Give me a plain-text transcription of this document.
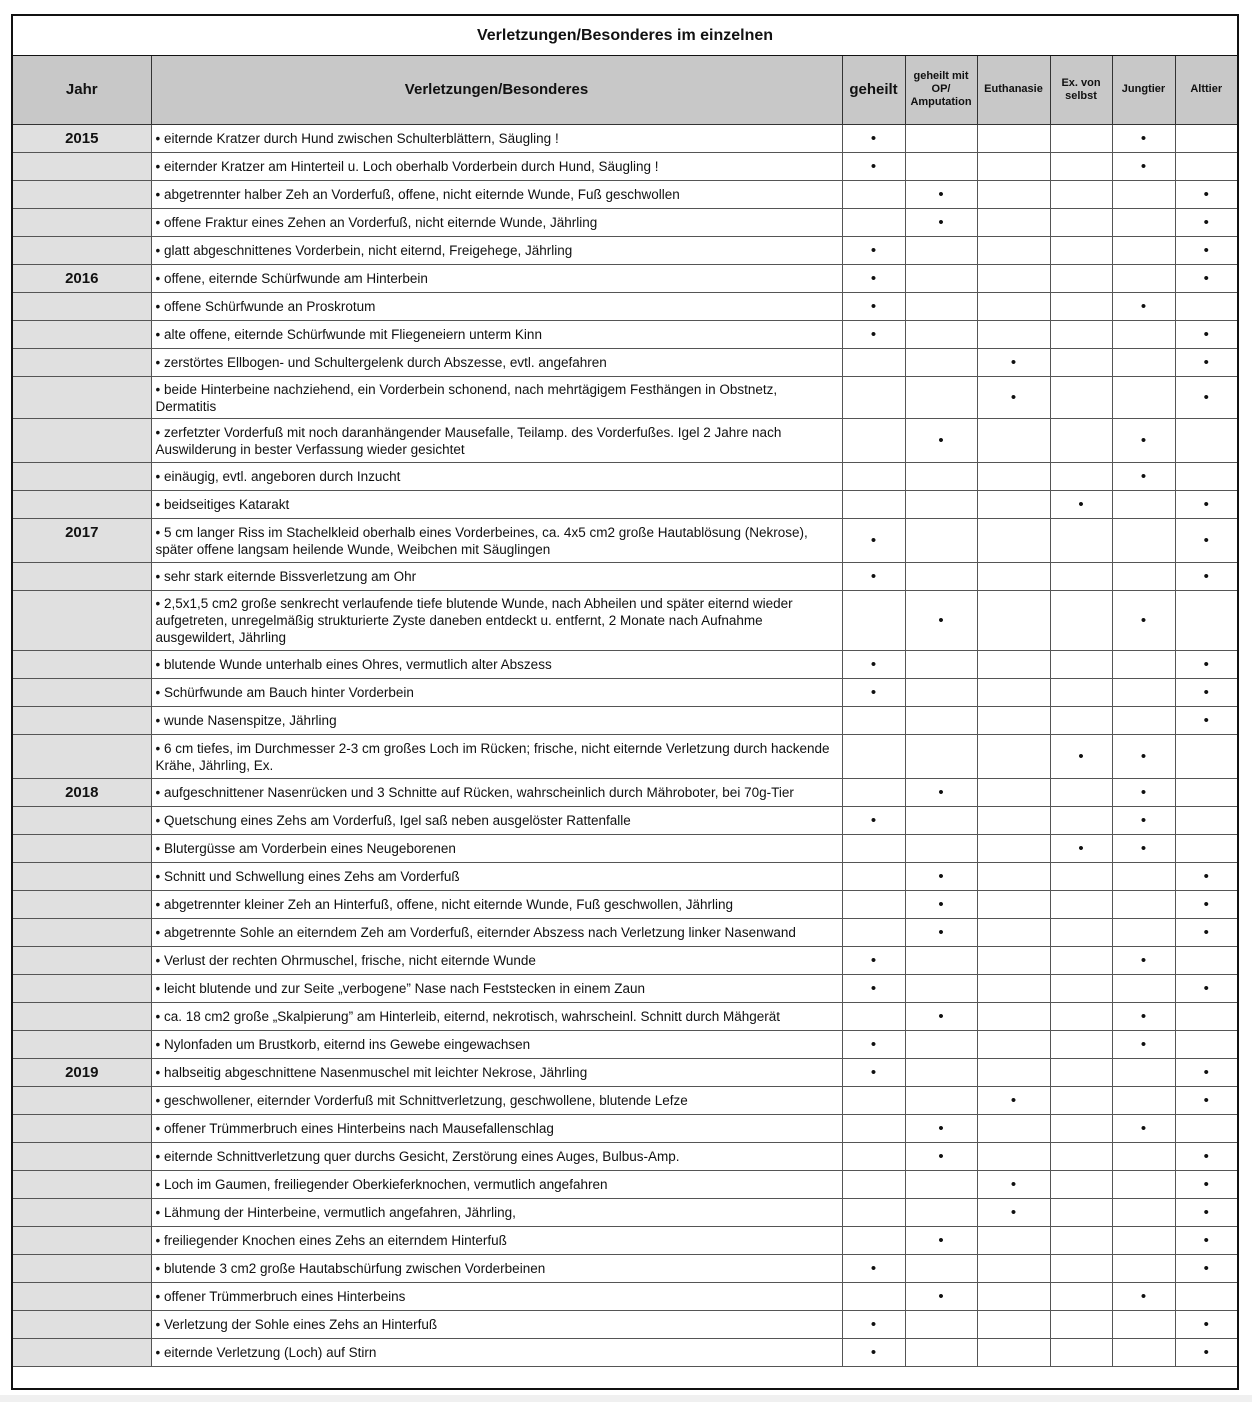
Verletzungen/Besonderes im einzelnen
Jahr	Verletzungen/Besonderes	geheilt	geheilt mit OP/ Amputation	Euthanasie	Ex. von selbst	Jungtier	Alttier
2015	• eiternde Kratzer durch Hund zwischen Schulterblättern, Säugling !	•				•	
	• eiternder Kratzer am Hinterteil u. Loch oberhalb Vorderbein durch Hund, Säugling !	•				•	
	• abgetrennter halber Zeh an Vorderfuß, offene, nicht eiternde Wunde, Fuß geschwollen		•				•
	• offene Fraktur eines Zehen an Vorderfuß, nicht eiternde Wunde, Jährling		•				•
	• glatt abgeschnittenes Vorderbein, nicht eiternd, Freigehege, Jährling	•					•
2016	• offene, eiternde Schürfwunde am Hinterbein	•					•
	• offene Schürfwunde an Proskrotum	•				•	
	• alte offene, eiternde Schürfwunde mit Fliegeneiern unterm Kinn	•					•
	• zerstörtes Ellbogen- und Schultergelenk durch Abszesse, evtl. angefahren			•			•
	• beide Hinterbeine nachziehend, ein Vorderbein schonend, nach mehrtägigem Festhängen in Obstnetz, Dermatitis			•			•
	• zerfetzter Vorderfuß mit noch daranhängender Mausefalle, Teilamp. des Vorderfußes. Igel 2 Jahre nach Auswilderung in bester Verfassung wieder gesichtet		•			•	
	• einäugig, evtl. angeboren durch Inzucht					•	
	• beidseitiges Katarakt				•		•
2017	• 5 cm langer Riss im Stachelkleid oberhalb eines Vorderbeines, ca. 4x5 cm2 große Hautablösung (Nekrose), später offene langsam heilende Wunde, Weibchen mit Säuglingen	•					•
	• sehr stark eiternde Bissverletzung am Ohr	•					•
	• 2,5x1,5 cm2 große senkrecht verlaufende tiefe blutende Wunde, nach Abheilen und später eiternd wieder aufgetreten, unregelmäßig strukturierte Zyste daneben entdeckt u. entfernt, 2 Monate nach Aufnahme ausgewildert, Jährling		•			•	
	• blutende Wunde unterhalb eines Ohres, vermutlich alter Abszess	•					•
	• Schürfwunde am Bauch hinter Vorderbein	•					•
	• wunde Nasenspitze, Jährling						•
	• 6 cm tiefes, im Durchmesser 2-3 cm großes Loch im Rücken; frische, nicht eiternde Verletzung durch hackende Krähe, Jährling, Ex.				•	•	
2018	• aufgeschnittener Nasenrücken und 3 Schnitte auf Rücken, wahrscheinlich durch Mähroboter, bei 70g-Tier		•			•	
	• Quetschung eines Zehs am Vorderfuß, Igel saß neben ausgelöster Rattenfalle	•				•	
	• Blutergüsse am Vorderbein eines Neugeborenen				•	•	
	• Schnitt und Schwellung eines Zehs am Vorderfuß		•				•
	• abgetrennter kleiner Zeh an Hinterfuß, offene, nicht eiternde Wunde, Fuß geschwollen, Jährling		•				•
	• abgetrennte Sohle an eiterndem Zeh am Vorderfuß, eiternder Abszess nach Verletzung linker Nasenwand		•				•
	• Verlust der rechten Ohrmuschel, frische, nicht eiternde Wunde	•				•	
	• leicht blutende und zur Seite „verbogene” Nase nach Feststecken in einem Zaun	•					•
	• ca. 18 cm2 große „Skalpierung” am Hinterleib, eiternd, nekrotisch, wahrscheinl. Schnitt durch Mähgerät		•			•	
	• Nylonfaden um Brustkorb, eiternd ins Gewebe eingewachsen	•				•	
2019	• halbseitig abgeschnittene Nasenmuschel mit leichter Nekrose, Jährling	•					•
	• geschwollener, eiternder Vorderfuß mit Schnittverletzung, geschwollene, blutende Lefze			•			•
	• offener Trümmerbruch eines Hinterbeins nach Mausefallenschlag		•			•	
	• eiternde Schnittverletzung quer durchs Gesicht, Zerstörung eines Auges, Bulbus-Amp.		•				•
	• Loch im Gaumen, freiliegender Oberkieferknochen, vermutlich angefahren			•			•
	• Lähmung der Hinterbeine, vermutlich angefahren, Jährling,			•			•
	• freiliegender Knochen eines Zehs an eiterndem Hinterfuß		•				•
	• blutende 3 cm2 große Hautabschürfung zwischen Vorderbeinen	•					•
	• offener Trümmerbruch eines Hinterbeins		•			•	
	• Verletzung der Sohle eines Zehs an Hinterfuß	•					•
	• eiternde Verletzung (Loch) auf Stirn	•					•
